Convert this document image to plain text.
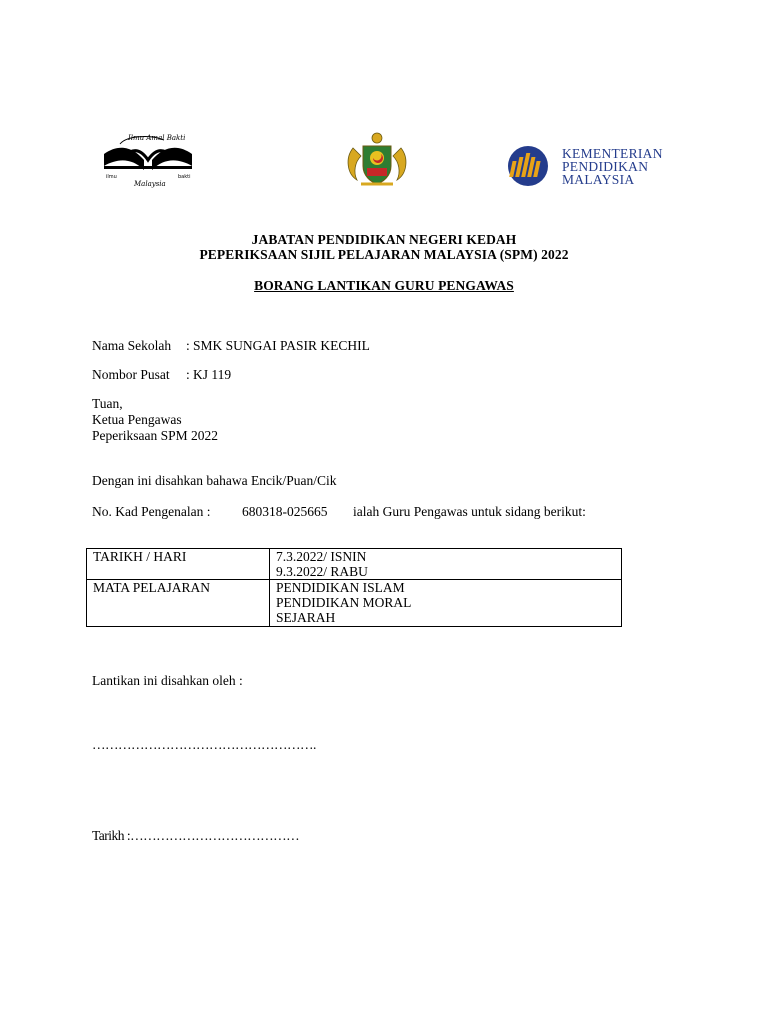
Ilmu Amal Bakti
ilmu	bakti
Malaysia
KEMENTERIAN
PENDIDIKAN
MALAYSIA
JABATAN PENDIDIKAN NEGERI KEDAH
PEPERIKSAAN SIJIL PELAJARAN MALAYSIA (SPM) 2022
BORANG LANTIKAN GURU PENGAWAS
Nama Sekolah : SMK SUNGAI PASIR KECHIL
Nombor Pusat : KJ 119
Tuan,
Ketua Pengawas
Peperiksaan SPM 2022
Dengan ini disahkan bahawa Encik/Puan/Cik
No. Kad Pengenalan : 680318-025665 ialah Guru Pengawas untuk sidang berikut:
TARIKH / HARI	7.3.2022/ ISNIN
9.3.2022/ RABU

MATA PELAJARAN	PENDIDIKAN ISLAM
PENDIDIKAN MORAL
SEJARAH
Lantikan ini disahkan oleh :
…………………………………………….
Tarikh :…………………………………
